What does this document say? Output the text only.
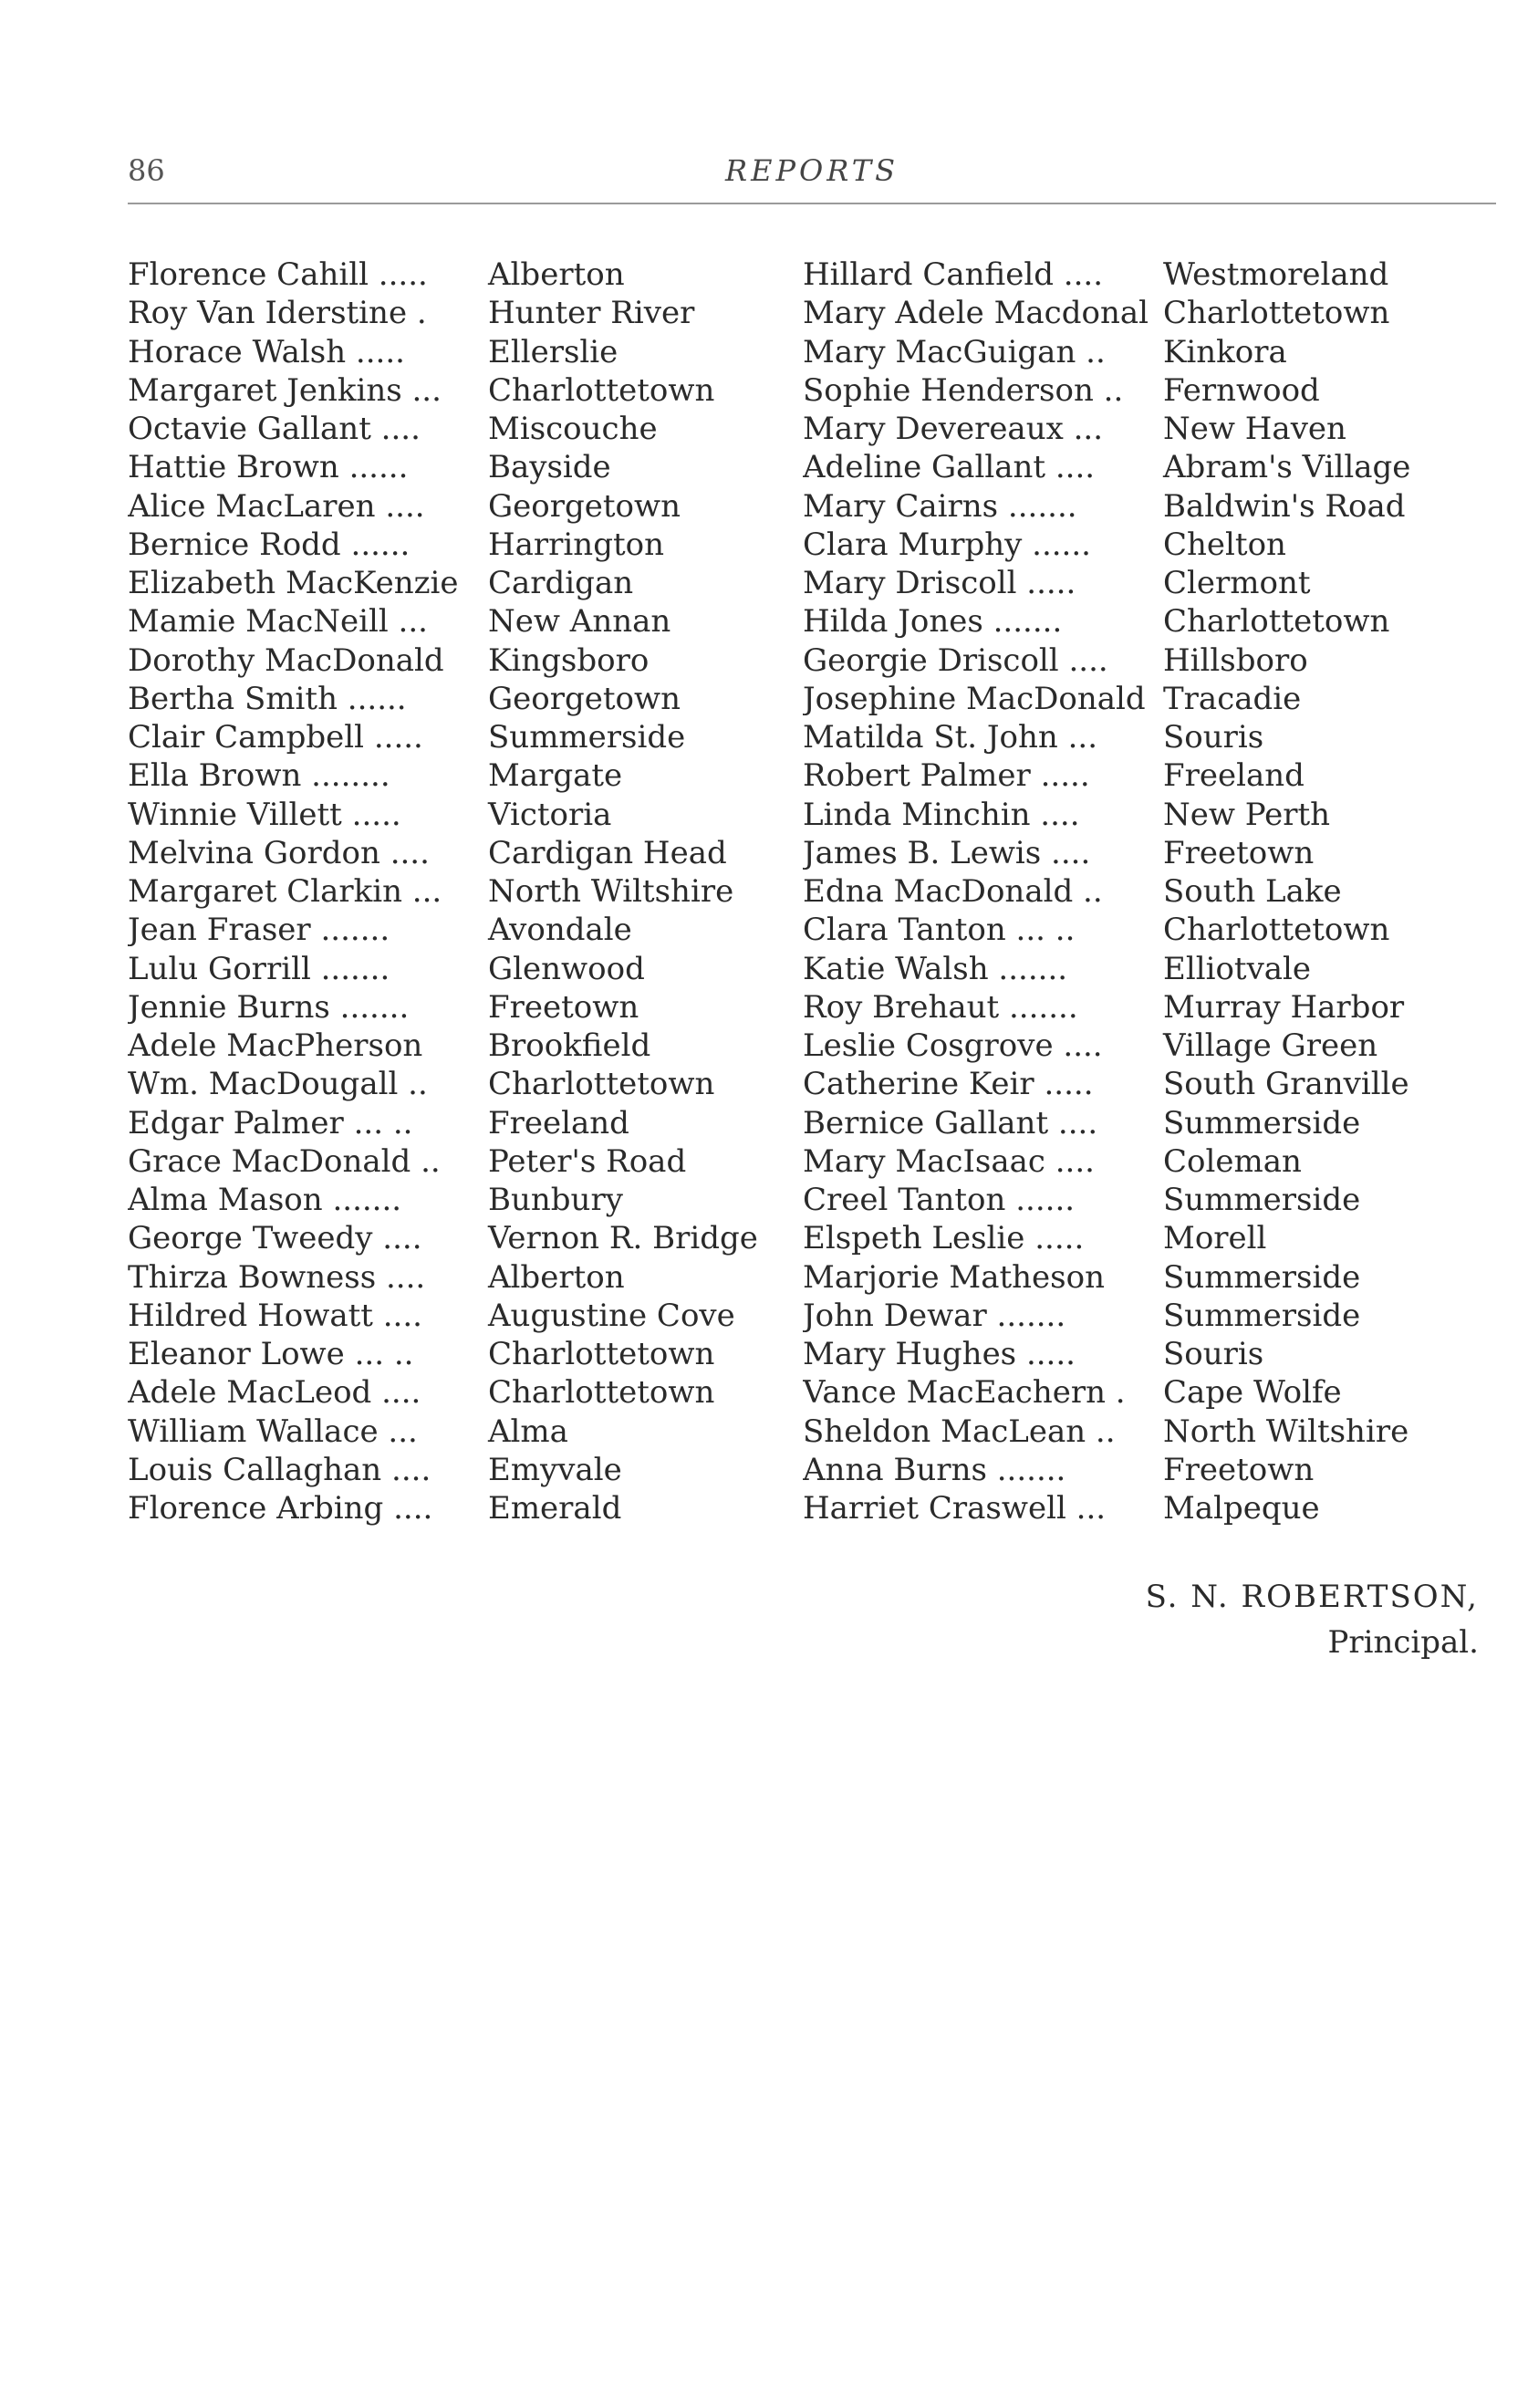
86	REPORTS
Florence Cahill ..... Alberton
Roy Van Iderstine . Hunter River
Horace Walsh .....	Ellerslie
Margaret Jenkins ... Charlottetown
Octavie Gallant .... Miscouche
Hattie Brown ......	Bayside
Alice MacLaren .... Georgetown
Bernice Rodd ......	Harrington
Elizabeth MacKenzie Cardigan
Mamie MacNeill ... New Annan
Dorothy MacDonald Kingsboro
Bertha Smith ......	Georgetown
Clair Campbell ..... Summerside
Ella Brown ........	Margate
Winnie Villett .....	Victoria
Melvina Gordon .... Cardigan Head
Margaret Clarkin ... North Wiltshire
Jean Fraser .......	Avondale
Lulu Gorrill .......	Glenwood
Jennie Burns .......	Freetown
Adele MacPherson Brookfield
Wm. MacDougall .. Charlottetown
Edgar Palmer ... .. Freeland
Grace MacDonald .. Peter's Road
Alma Mason .......	Bunbury
George Tweedy .... Vernon R. Bridge
Thirza Bowness .... Alberton
Hildred Howatt .... Augustine Cove
Eleanor Lowe ... .. Charlottetown
Adele MacLeod .... Charlottetown
William Wallace ... Alma
Louis Callaghan .... Emyvale
Florence Arbing .... Emerald
Hillard Canfield .... Westmoreland
Mary Adele Macdonal Charlottetown
Mary MacGuigan .. Kinkora
Sophie Henderson .. Fernwood
Mary Devereaux ... New Haven
Adeline Gallant .... Abram's Village
Mary Cairns .......	Baldwin's Road
Clara Murphy ...... Chelton
Mary Driscoll .....	Clermont
Hilda Jones .......	Charlottetown
Georgie Driscoll .... Hillsboro
Josephine MacDonald Tracadie
Matilda St. John ... Souris
Robert Palmer ..... Freeland
Linda Minchin ....	New Perth
James B. Lewis .... Freetown
Edna MacDonald .. South Lake
Clara Tanton ... ..	Charlottetown
Katie Walsh .......	Elliotvale
Roy Brehaut .......	Murray Harbor
Leslie Cosgrove .... Village Green
Catherine Keir ..... South Granville
Bernice Gallant .... Summerside
Mary MacIsaac .... Coleman
Creel Tanton ......	Summerside
Elspeth Leslie .....	Morell
Marjorie Matheson Summerside
John Dewar .......	Summerside
Mary Hughes .....	Souris
Vance MacEachern . Cape Wolfe
Sheldon MacLean .. North Wiltshire
Anna Burns .......	Freetown
Harriet Craswell ... Malpeque
S. N. ROBERTSON,
Principal.
